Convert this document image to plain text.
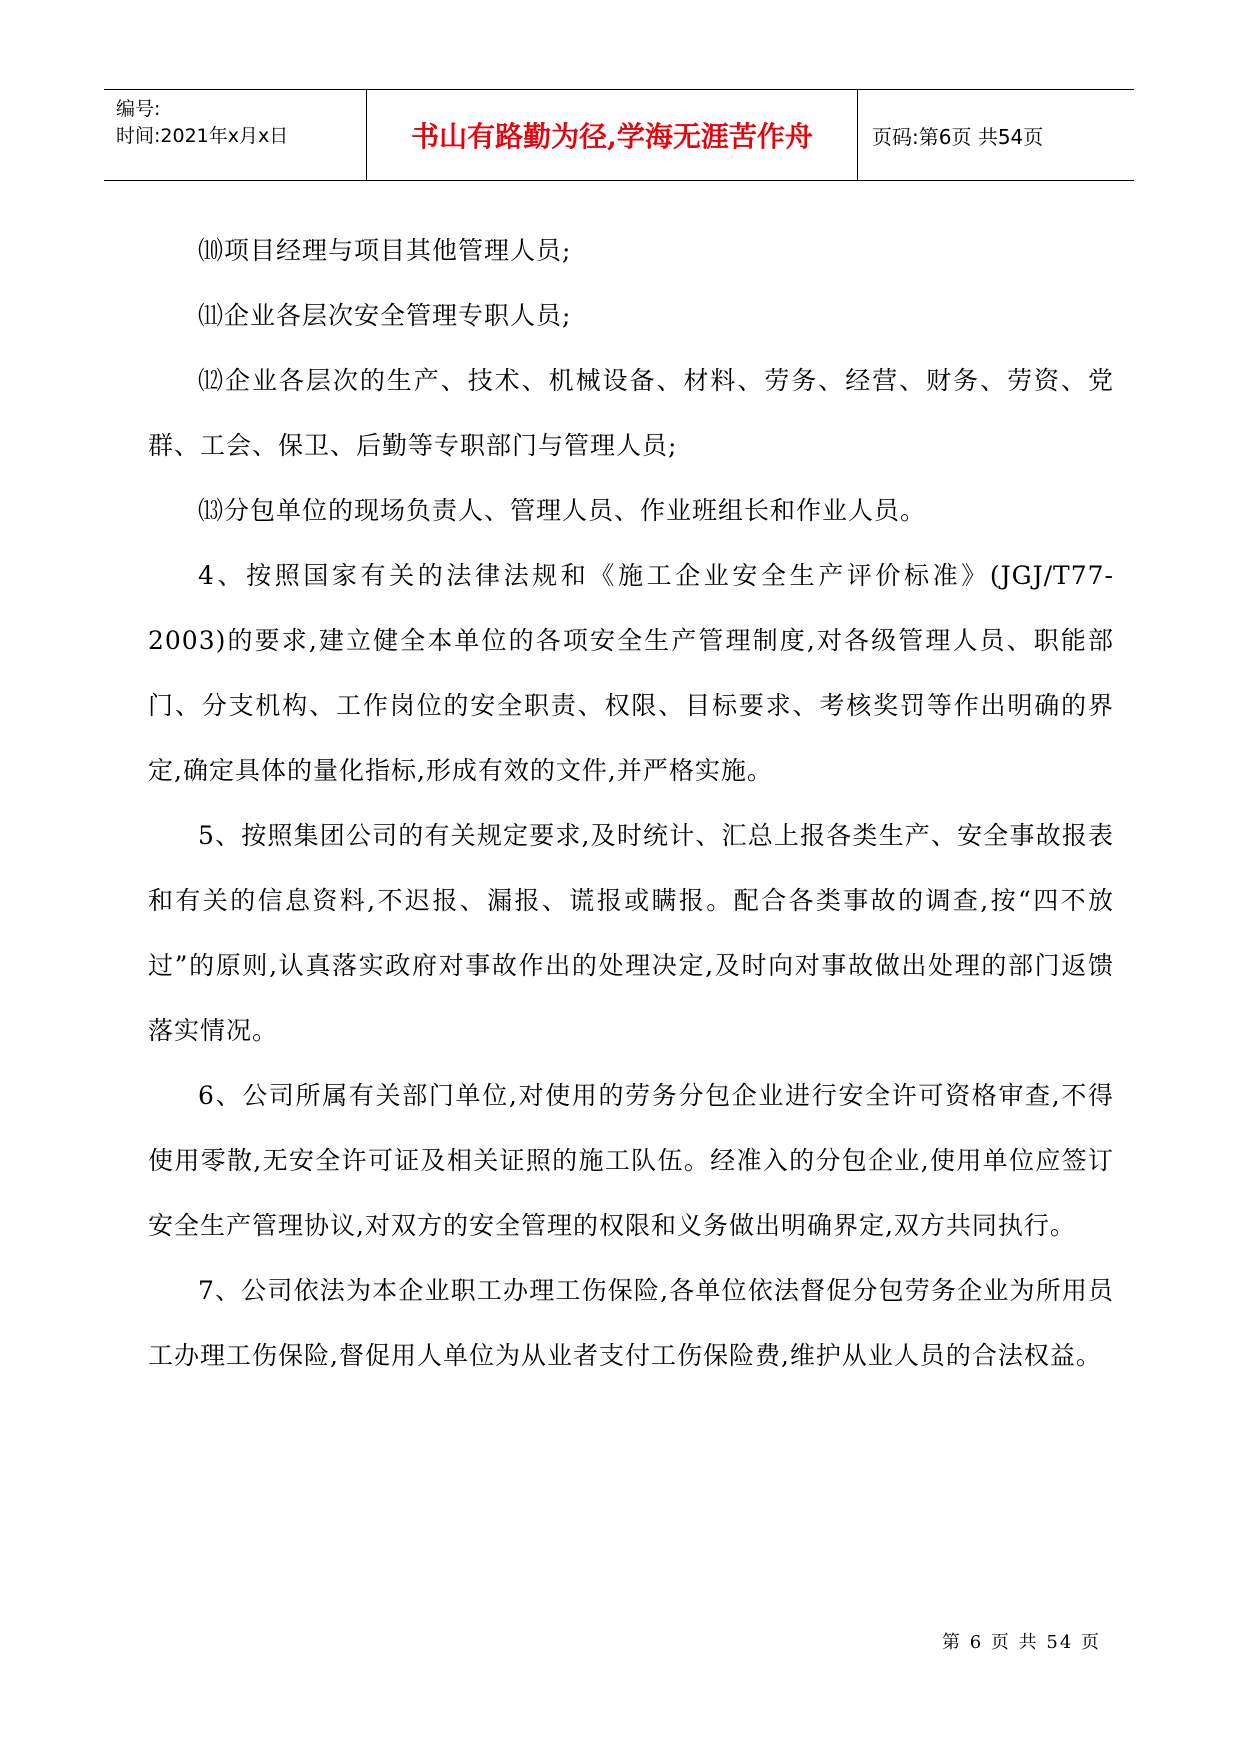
编号:
时间:2021年x月x日	书山有路勤为径,学海无涯苦作舟	页码:第6页 共54页

⑽项目经理与项目其他管理人员;

⑾企业各层次安全管理专职人员;

⑿企业各层次的生产、技术、机械设备、材料、劳务、经营、财务、劳资、党群、工会、保卫、后勤等专职部门与管理人员;

⒀分包单位的现场负责人、管理人员、作业班组长和作业人员。

4、按照国家有关的法律法规和《施工企业安全生产评价标准》(JGJ/T77-2003)的要求,建立健全本单位的各项安全生产管理制度,对各级管理人员、职能部门、分支机构、工作岗位的安全职责、权限、目标要求、考核奖罚等作出明确的界定,确定具体的量化指标,形成有效的文件,并严格实施。

5、按照集团公司的有关规定要求,及时统计、汇总上报各类生产、安全事故报表和有关的信息资料,不迟报、漏报、谎报或瞒报。配合各类事故的调查,按“四不放过”的原则,认真落实政府对事故作出的处理决定,及时向对事故做出处理的部门返馈落实情况。

6、公司所属有关部门单位,对使用的劳务分包企业进行安全许可资格审查,不得使用零散,无安全许可证及相关证照的施工队伍。经准入的分包企业,使用单位应签订安全生产管理协议,对双方的安全管理的权限和义务做出明确界定,双方共同执行。

7、公司依法为本企业职工办理工伤保险,各单位依法督促分包劳务企业为所用员工办理工伤保险,督促用人单位为从业者支付工伤保险费,维护从业人员的合法权益。

第 6 页 共 54 页
